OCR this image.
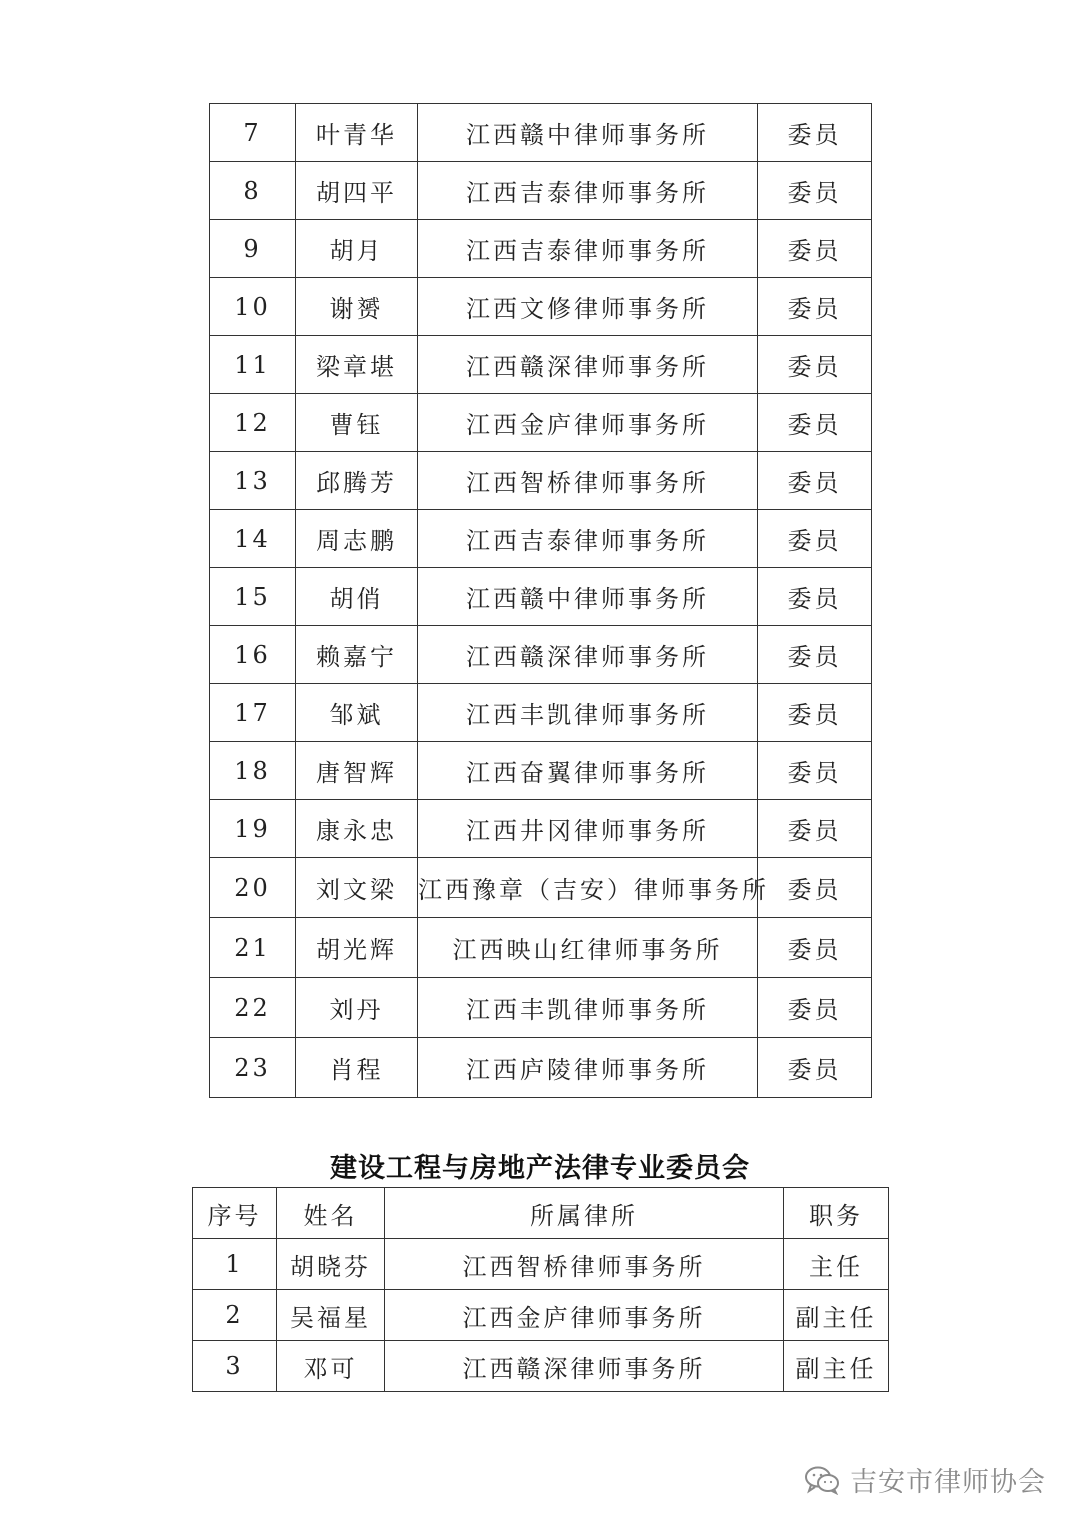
7	叶青华	江西赣中律师事务所	委员
8	胡四平	江西吉泰律师事务所	委员
9	胡月	江西吉泰律师事务所	委员
10	谢赟	江西文修律师事务所	委员
11	梁章堪	江西赣深律师事务所	委员
12	曹钰	江西金庐律师事务所	委员
13	邱腾芳	江西智桥律师事务所	委员
14	周志鹏	江西吉泰律师事务所	委员
15	胡俏	江西赣中律师事务所	委员
16	赖嘉宁	江西赣深律师事务所	委员
17	邹斌	江西丰凯律师事务所	委员
18	唐智辉	江西奋翼律师事务所	委员
19	康永忠	江西井冈律师事务所	委员
20	刘文梁	江西豫章（吉安）律师事务所	委员
21	胡光辉	江西映山红律师事务所	委员
22	刘丹	江西丰凯律师事务所	委员
23	肖程	江西庐陵律师事务所	委员
建设工程与房地产法律专业委员会
序号	姓名	所属律所	职务
1	胡晓芬	江西智桥律师事务所	主任
2	吴福星	江西金庐律师事务所	副主任
3	邓可	江西赣深律师事务所	副主任
吉安市律师协会
